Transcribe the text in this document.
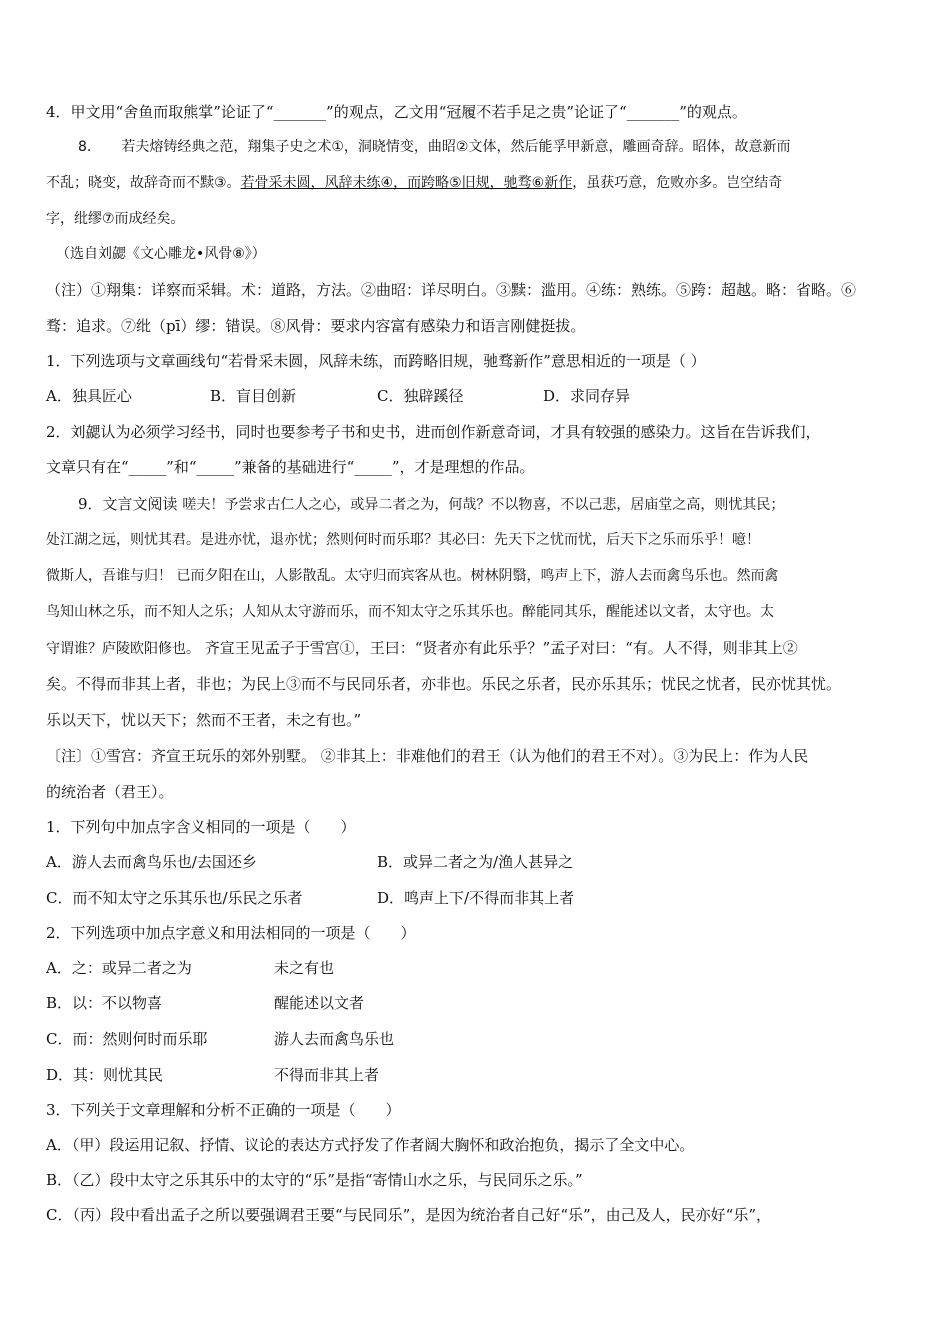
4．甲文用“舍鱼而取熊掌”论证了“_______”的观点，乙文用“冠履不若手足之贵”论证了“_______”的观点。
8. 若夫熔铸经典之范，翔集子史之术①，洞晓情变，曲昭②文体，然后能孚甲新意，雕画奇辞。昭体，故意新而
不乱；晓变，故辞奇而不黩③。若骨采未圆，风辞未练④，而跨略⑤旧规，驰骛⑥新作，虽获巧意，危败亦多。岂空结奇
字，纰缪⑦而成经矣。
（选自刘勰《文心雕龙•风骨⑧》）
（注）①翔集：详察而采辑。术：道路，方法。②曲昭：详尽明白。③黩：滥用。④练：熟练。⑤跨：超越。略：省略。⑥
骛：追求。⑦纰（pī）缪：错误。⑧风骨：要求内容富有感染力和语言刚健挺拔。
1．下列选项与文章画线句“若骨采未圆，风辞未练，而跨略旧规，驰骛新作”意思相近的一项是（ ）
A．独具匠心	B．盲目创新	C．独辟蹊径	D．求同存异
2．刘勰认为必须学习经书，同时也要参考子书和史书，进而创作新意奇词，才具有较强的感染力。这旨在告诉我们，
文章只有在“_____”和“_____”兼备的基础进行“_____”，才是理想的作品。
9．文言文阅读 嗟夫！予尝求古仁人之心，或异二者之为，何哉？不以物喜，不以己悲，居庙堂之高，则忧其民；
处江湖之远，则忧其君。是进亦忧，退亦忧；然则何时而乐耶？其必曰：先天下之忧而忧，后天下之乐而乐乎！噫！
微斯人，吾谁与归！ 已而夕阳在山，人影散乱。太守归而宾客从也。树林阴翳，鸣声上下，游人去而禽鸟乐也。然而禽
鸟知山林之乐，而不知人之乐；人知从太守游而乐，而不知太守之乐其乐也。醉能同其乐，醒能述以文者，太守也。太
守谓谁？庐陵欧阳修也。 齐宣王见孟子于雪宫①，王曰：“贤者亦有此乐乎？”孟子对曰：“有。人不得，则非其上②
矣。不得而非其上者，非也；为民上③而不与民同乐者，亦非也。乐民之乐者，民亦乐其乐；忧民之忧者，民亦忧其忧。
乐以天下，忧以天下；然而不王者，未之有也。”
〔注〕①雪宫：齐宣王玩乐的郊外别墅。 ②非其上：非难他们的君王（认为他们的君王不对）。③为民上：作为人民
的统治者（君王）。
1．下列句中加点字含义相同的一项是（　　）
A．游人去而禽鸟乐也/去国还乡	B．或异二者之为/渔人甚异之
C．而不知太守之乐其乐也/乐民之乐者	D．鸣声上下/不得而非其上者
2．下列选项中加点字意义和用法相同的一项是（　　）
A．之：或异二者之为	未之有也
B．以：不以物喜	醒能述以文者
C．而：然则何时而乐耶	游人去而禽鸟乐也
D．其：则忧其民	不得而非其上者
3．下列关于文章理解和分析不正确的一项是（　　）
A．（甲）段运用记叙、抒情、议论的表达方式抒发了作者阔大胸怀和政治抱负，揭示了全文中心。
B．（乙）段中太守之乐其乐中的太守的“乐”是指“寄情山水之乐，与民同乐之乐。”
C．（丙）段中看出孟子之所以要强调君王要“与民同乐”，是因为统治者自己好“乐”，由己及人，民亦好“乐”，
